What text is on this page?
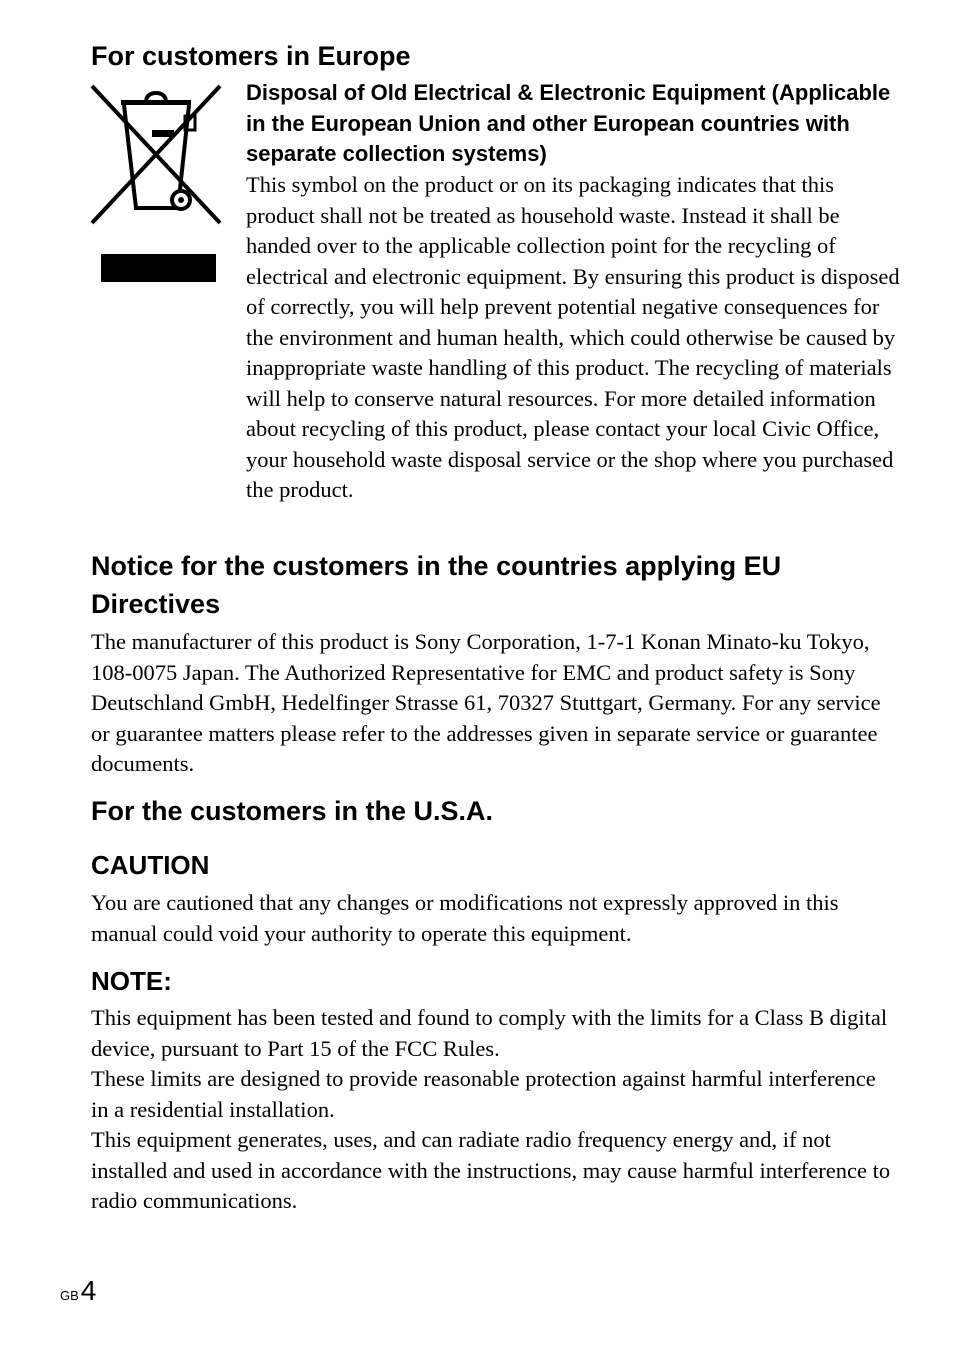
For customers in Europe

Disposal of Old Electrical & Electronic Equipment (Applicable in the European Union and other European countries with separate collection systems)

This symbol on the product or on its packaging indicates that this product shall not be treated as household waste. Instead it shall be handed over to the applicable collection point for the recycling of electrical and electronic equipment. By ensuring this product is disposed of correctly, you will help prevent potential negative consequences for the environment and human health, which could otherwise be caused by inappropriate waste handling of this product. The recycling of materials will help to conserve natural resources. For more detailed information about recycling of this product, please contact your local Civic Office, your household waste disposal service or the shop where you purchased the product.

Notice for the customers in the countries applying EU Directives

The manufacturer of this product is Sony Corporation, 1-7-1 Konan Minato-ku Tokyo, 108-0075 Japan. The Authorized Representative for EMC and product safety is Sony Deutschland GmbH, Hedelfinger Strasse 61, 70327 Stuttgart, Germany. For any service or guarantee matters please refer to the addresses given in separate service or guarantee documents.

For the customers in the U.S.A.
CAUTION

You are cautioned that any changes or modifications not expressly approved in this manual could void your authority to operate this equipment.

NOTE:

This equipment has been tested and found to comply with the limits for a Class B digital device, pursuant to Part 15 of the FCC Rules.

These limits are designed to provide reasonable protection against harmful interference in a residential installation.

This equipment generates, uses, and can radiate radio frequency energy and, if not installed and used in accordance with the instructions, may cause harmful interference to radio communications.

GB 4
